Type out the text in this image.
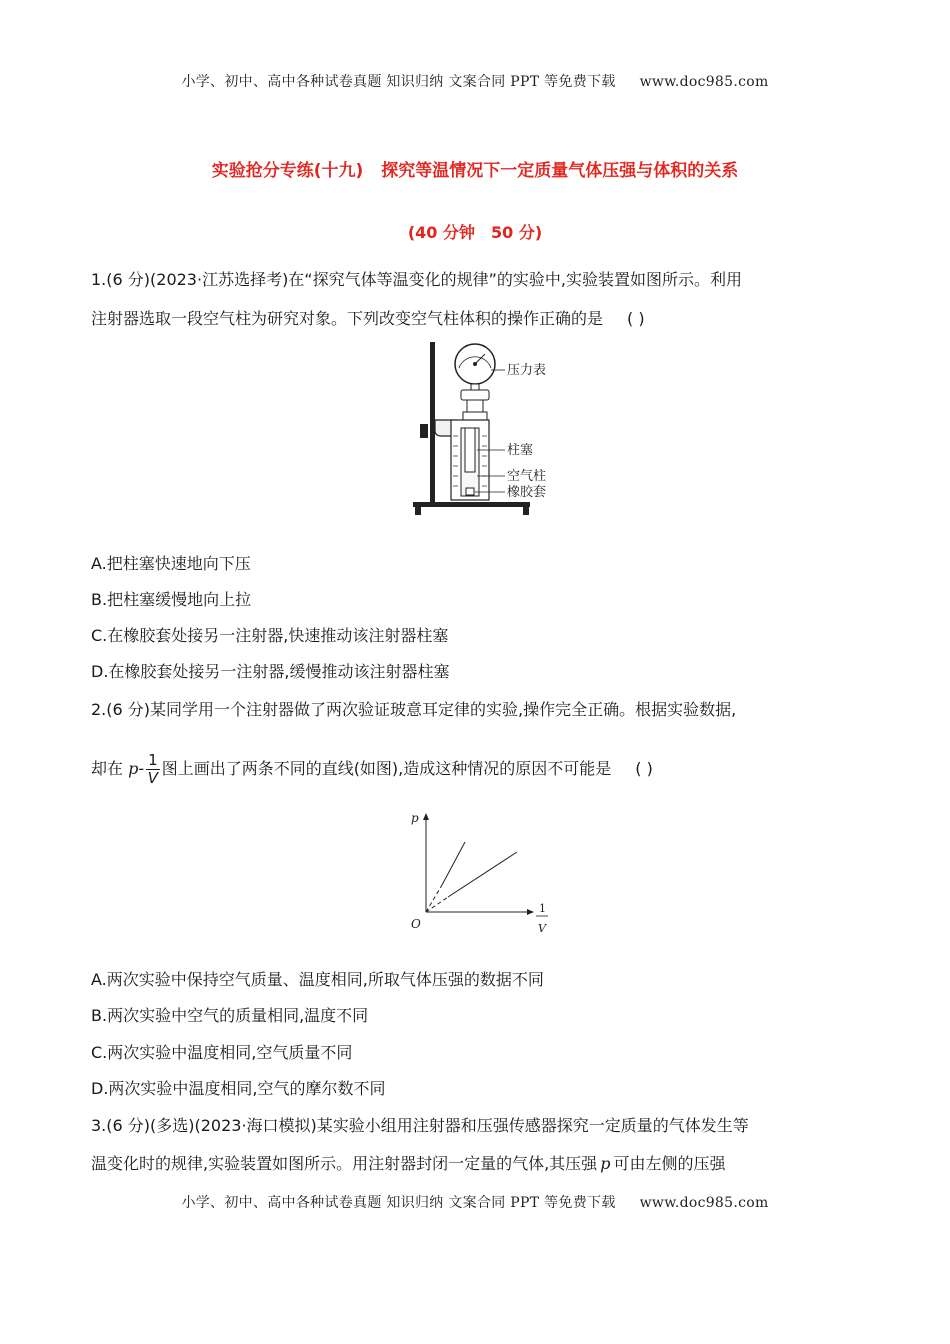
小学、初中、高中各种试卷真题 知识归纳 文案合同 PPT 等免费下载 www.doc985.com
实验抢分专练(十九) 探究等温情况下一定质量气体压强与体积的关系
(40 分钟 50 分)
1.(6 分)(2023·江苏选择考)在“探究气体等温变化的规律”的实验中,实验装置如图所示。利用
注射器选取一段空气柱为研究对象。下列改变空气柱体积的操作正确的是 ( )
压力表
柱塞
空气柱
橡胶套
A.把柱塞快速地向下压
B.把柱塞缓慢地向上拉
C.在橡胶套处接另一注射器,快速推动该注射器柱塞
D.在橡胶套处接另一注射器,缓慢推动该注射器柱塞
2.(6 分)某同学用一个注射器做了两次验证玻意耳定律的实验,操作完全正确。根据实验数据,
却在 $p- \frac{1}{V}$ 图上画出了两条不同的直线(如图),造成这种情况的原因不可能是 ( )
p
O
1
V
A.两次实验中保持空气质量、温度相同,所取气体压强的数据不同
B.两次实验中空气的质量相同,温度不同
C.两次实验中温度相同,空气质量不同
D.两次实验中温度相同,空气的摩尔数不同
3.(6 分)(多选)(2023·海口模拟)某实验小组用注射器和压强传感器探究一定质量的气体发生等
温变化时的规律,实验装置如图所示。用注射器封闭一定量的气体,其压强 p 可由左侧的压强
小学、初中、高中各种试卷真题 知识归纳 文案合同 PPT 等免费下载 www.doc985.com
